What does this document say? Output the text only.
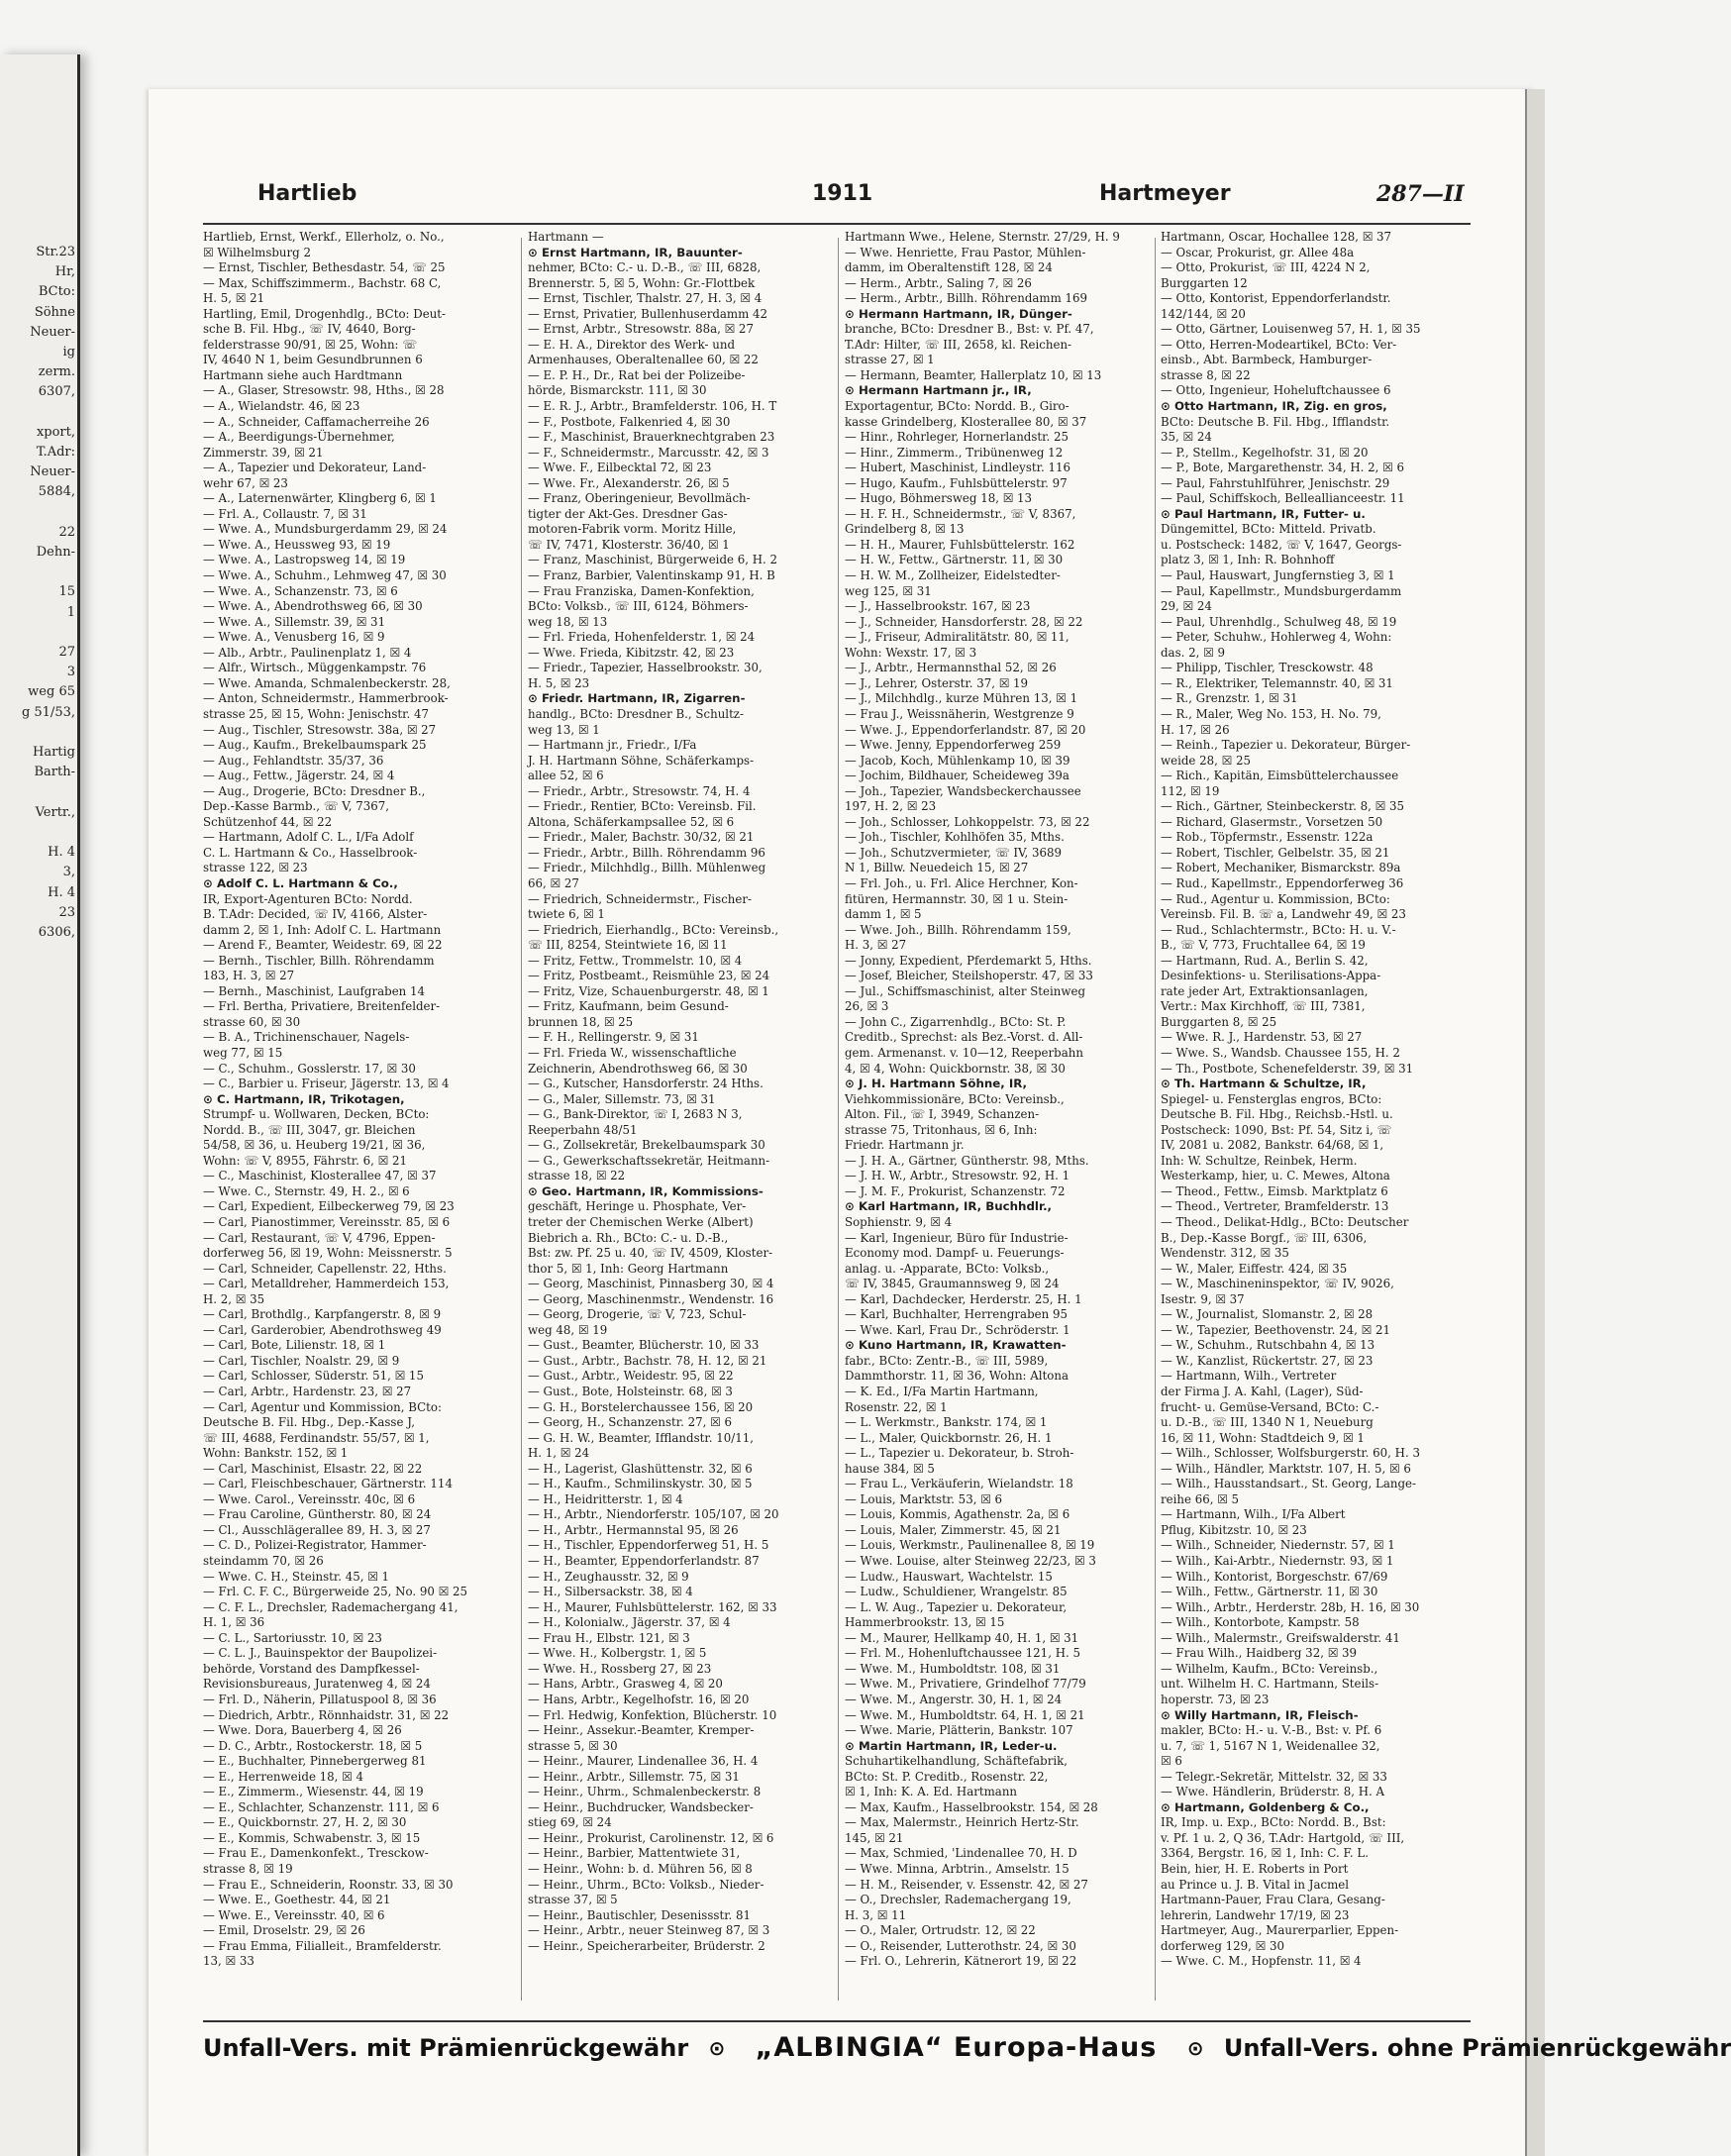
Str.23
Hr,
BCto:
Söhne
Neuer-
ig
zerm.
6307,

xport,
T.Adr:
Neuer-
5884,

22
Dehn-

15
1

27
3
weg 65
g 51/53,

Hartig
Barth-

Vertr.,

H. 4
3,
H. 4
23
6306,
Hartlieb	1911	Hartmeyer	287—II
Hartlieb, Ernst, Werkf., Ellerholz, o. No.,
☒ Wilhelmsburg 2
— Ernst, Tischler, Bethesdastr. 54, ☏ 25
— Max, Schiffszimmerm., Bachstr. 68 C,
H. 5, ☒ 21
Hartling, Emil, Drogenhdlg., BCto: Deut-
sche B. Fil. Hbg., ☏ IV, 4640, Borg-
felderstrasse 90/91, ☒ 25, Wohn: ☏
IV, 4640 N 1, beim Gesundbrunnen 6
Hartmann siehe auch Hardtmann
— A., Glaser, Stresowstr. 98, Hths., ☒ 28
— A., Wielandstr. 46, ☒ 23
— A., Schneider, Caffamacherreihe 26
— A., Beerdigungs-Übernehmer,
Zimmerstr. 39, ☒ 21
— A., Tapezier und Dekorateur, Land-
wehr 67, ☒ 23
— A., Laternenwärter, Klingberg 6, ☒ 1
— Frl. A., Collaustr. 7, ☒ 31
— Wwe. A., Mundsburgerdamm 29, ☒ 24
— Wwe. A., Heussweg 93, ☒ 19
— Wwe. A., Lastropsweg 14, ☒ 19
— Wwe. A., Schuhm., Lehmweg 47, ☒ 30
— Wwe. A., Schanzenstr. 73, ☒ 6
— Wwe. A., Abendrothsweg 66, ☒ 30
— Wwe. A., Sillemstr. 39, ☒ 31
— Wwe. A., Venusberg 16, ☒ 9
— Alb., Arbtr., Paulinenplatz 1, ☒ 4
— Alfr., Wirtsch., Müggenkampstr. 76
— Wwe. Amanda, Schmalenbeckerstr. 28,
— Anton, Schneidermstr., Hammerbrook-
strasse 25, ☒ 15, Wohn: Jenischstr. 47
— Aug., Tischler, Stresowstr. 38a, ☒ 27
— Aug., Kaufm., Brekelbaumspark 25
— Aug., Fehlandtstr. 35/37, 36
— Aug., Fettw., Jägerstr. 24, ☒ 4
— Aug., Drogerie, BCto: Dresdner B.,
Dep.-Kasse Barmb., ☏ V, 7367,
Schützenhof 44, ☒ 22
— Hartmann, Adolf C. L., I/Fa Adolf
C. L. Hartmann & Co., Hasselbrook-
strasse 122, ☒ 23
⊙ Adolf C. L. Hartmann & Co.,
IR, Export-Agenturen BCto: Nordd.
B. T.Adr: Decided, ☏ IV, 4166, Alster-
damm 2, ☒ 1, Inh: Adolf C. L. Hartmann
— Arend F., Beamter, Weidestr. 69, ☒ 22
— Bernh., Tischler, Billh. Röhrendamm
183, H. 3, ☒ 27
— Bernh., Maschinist, Laufgraben 14
— Frl. Bertha, Privatiere, Breitenfelder-
strasse 60, ☒ 30
— B. A., Trichinenschauer, Nagels-
weg 77, ☒ 15
— C., Schuhm., Gosslerstr. 17, ☒ 30
— C., Barbier u. Friseur, Jägerstr. 13, ☒ 4
⊙ C. Hartmann, IR, Trikotagen,
Strumpf- u. Wollwaren, Decken, BCto:
Nordd. B., ☏ III, 3047, gr. Bleichen
54/58, ☒ 36, u. Heuberg 19/21, ☒ 36,
Wohn: ☏ V, 8955, Fährstr. 6, ☒ 21
— C., Maschinist, Klosterallee 47, ☒ 37
— Wwe. C., Sternstr. 49, H. 2., ☒ 6
— Carl, Expedient, Eilbeckerweg 79, ☒ 23
— Carl, Pianostimmer, Vereinsstr. 85, ☒ 6
— Carl, Restaurant, ☏ V, 4796, Eppen-
dorferweg 56, ☒ 19, Wohn: Meissnerstr. 5
— Carl, Schneider, Capellenstr. 22, Hths.
— Carl, Metalldreher, Hammerdeich 153,
H. 2, ☒ 35
— Carl, Brothdlg., Karpfangerstr. 8, ☒ 9
— Carl, Garderobier, Abendrothsweg 49
— Carl, Bote, Lilienstr. 18, ☒ 1
— Carl, Tischler, Noalstr. 29, ☒ 9
— Carl, Schlosser, Süderstr. 51, ☒ 15
— Carl, Arbtr., Hardenstr. 23, ☒ 27
— Carl, Agentur und Kommission, BCto:
Deutsche B. Fil. Hbg., Dep.-Kasse J,
☏ III, 4688, Ferdinandstr. 55/57, ☒ 1,
Wohn: Bankstr. 152, ☒ 1
— Carl, Maschinist, Elsastr. 22, ☒ 22
— Carl, Fleischbeschauer, Gärtnerstr. 114
— Wwe. Carol., Vereinsstr. 40c, ☒ 6
— Frau Caroline, Güntherstr. 80, ☒ 24
— Cl., Ausschlägerallee 89, H. 3, ☒ 27
— C. D., Polizei-Registrator, Hammer-
steindamm 70, ☒ 26
— Wwe. C. H., Steinstr. 45, ☒ 1
— Frl. C. F. C., Bürgerweide 25, No. 90 ☒ 25
— C. F. L., Drechsler, Rademachergang 41,
H. 1, ☒ 36
— C. L., Sartoriusstr. 10, ☒ 23
— C. L. J., Bauinspektor der Baupolizei-
behörde, Vorstand des Dampfkessel-
Revisionsbureaus, Juratenweg 4, ☒ 24
— Frl. D., Näherin, Pillatuspool 8, ☒ 36
— Diedrich, Arbtr., Rönnhaidstr. 31, ☒ 22
— Wwe. Dora, Bauerberg 4, ☒ 26
— D. C., Arbtr., Rostockerstr. 18, ☒ 5
— E., Buchhalter, Pinnebergerweg 81
— E., Herrenweide 18, ☒ 4
— E., Zimmerm., Wiesenstr. 44, ☒ 19
— E., Schlachter, Schanzenstr. 111, ☒ 6
— E., Quickbornstr. 27, H. 2, ☒ 30
— E., Kommis, Schwabenstr. 3, ☒ 15
— Frau E., Damenkonfekt., Tresckow-
strasse 8, ☒ 19
— Frau E., Schneiderin, Roonstr. 33, ☒ 30
— Wwe. E., Goethestr. 44, ☒ 21
— Wwe. E., Vereinsstr. 40, ☒ 6
— Emil, Droselstr. 29, ☒ 26
— Frau Emma, Filialleit., Bramfelderstr.
13, ☒ 33
Hartmann —
⊙ Ernst Hartmann, IR, Bauunter-
nehmer, BCto: C.- u. D.-B., ☏ III, 6828,
Brennerstr. 5, ☒ 5, Wohn: Gr.-Flottbek
— Ernst, Tischler, Thalstr. 27, H. 3, ☒ 4
— Ernst, Privatier, Bullenhuserdamm 42
— Ernst, Arbtr., Stresowstr. 88a, ☒ 27
— E. H. A., Direktor des Werk- und
Armenhauses, Oberaltenallee 60, ☒ 22
— E. P. H., Dr., Rat bei der Polizeibe-
hörde, Bismarckstr. 111, ☒ 30
— E. R. J., Arbtr., Bramfelderstr. 106, H. T
— F., Postbote, Falkenried 4, ☒ 30
— F., Maschinist, Brauerknechtgraben 23
— F., Schneidermstr., Marcusstr. 42, ☒ 3
— Wwe. F., Eilbecktal 72, ☒ 23
— Wwe. Fr., Alexanderstr. 26, ☒ 5
— Franz, Oberingenieur, Bevollmäch-
tigter der Akt-Ges. Dresdner Gas-
motoren-Fabrik vorm. Moritz Hille,
☏ IV, 7471, Klosterstr. 36/40, ☒ 1
— Franz, Maschinist, Bürgerweide 6, H. 2
— Franz, Barbier, Valentinskamp 91, H. B
— Frau Franziska, Damen-Konfektion,
BCto: Volksb., ☏ III, 6124, Böhmers-
weg 18, ☒ 13
— Frl. Frieda, Hohenfelderstr. 1, ☒ 24
— Wwe. Frieda, Kibitzstr. 42, ☒ 23
— Friedr., Tapezier, Hasselbrookstr. 30,
H. 5, ☒ 23
⊙ Friedr. Hartmann, IR, Zigarren-
handlg., BCto: Dresdner B., Schultz-
weg 13, ☒ 1
— Hartmann jr., Friedr., I/Fa
J. H. Hartmann Söhne, Schäferkamps-
allee 52, ☒ 6
— Friedr., Arbtr., Stresowstr. 74, H. 4
— Friedr., Rentier, BCto: Vereinsb. Fil.
Altona, Schäferkampsallee 52, ☒ 6
— Friedr., Maler, Bachstr. 30/32, ☒ 21
— Friedr., Arbtr., Billh. Röhrendamm 96
— Friedr., Milchhdlg., Billh. Mühlenweg
66, ☒ 27
— Friedrich, Schneidermstr., Fischer-
twiete 6, ☒ 1
— Friedrich, Eierhandlg., BCto: Vereinsb.,
☏ III, 8254, Steintwiete 16, ☒ 11
— Fritz, Fettw., Trommelstr. 10, ☒ 4
— Fritz, Postbeamt., Reismühle 23, ☒ 24
— Fritz, Vize, Schauenburgerstr. 48, ☒ 1
— Fritz, Kaufmann, beim Gesund-
brunnen 18, ☒ 25
— F. H., Rellingerstr. 9, ☒ 31
— Frl. Frieda W., wissenschaftliche
Zeichnerin, Abendrothsweg 66, ☒ 30
— G., Kutscher, Hansdorferstr. 24 Hths.
— G., Maler, Sillemstr. 73, ☒ 31
— G., Bank-Direktor, ☏ I, 2683 N 3,
Reeperbahn 48/51
— G., Zollsekretär, Brekelbaumspark 30
— G., Gewerkschaftssekretär, Heitmann-
strasse 18, ☒ 22
⊙ Geo. Hartmann, IR, Kommissions-
geschäft, Heringe u. Phosphate, Ver-
treter der Chemischen Werke (Albert)
Biebrich a. Rh., BCto: C.- u. D.-B.,
Bst: zw. Pf. 25 u. 40, ☏ IV, 4509, Kloster-
thor 5, ☒ 1, Inh: Georg Hartmann
— Georg, Maschinist, Pinnasberg 30, ☒ 4
— Georg, Maschinenmstr., Wendenstr. 16
— Georg, Drogerie, ☏ V, 723, Schul-
weg 48, ☒ 19
— Gust., Beamter, Blücherstr. 10, ☒ 33
— Gust., Arbtr., Bachstr. 78, H. 12, ☒ 21
— Gust., Arbtr., Weidestr. 95, ☒ 22
— Gust., Bote, Holsteinstr. 68, ☒ 3
— G. H., Borstelerchaussee 156, ☒ 20
— Georg, H., Schanzenstr. 27, ☒ 6
— G. H. W., Beamter, Ifflandstr. 10/11,
H. 1, ☒ 24
— H., Lagerist, Glashüttenstr. 32, ☒ 6
— H., Kaufm., Schmilinskystr. 30, ☒ 5
— H., Heidritterstr. 1, ☒ 4
— H., Arbtr., Niendorferstr. 105/107, ☒ 20
— H., Arbtr., Hermannstal 95, ☒ 26
— H., Tischler, Eppendorferweg 51, H. 5
— H., Beamter, Eppendorferlandstr. 87
— H., Zeughausstr. 32, ☒ 9
— H., Silbersackstr. 38, ☒ 4
— H., Maurer, Fuhlsbüttelerstr. 162, ☒ 33
— H., Kolonialw., Jägerstr. 37, ☒ 4
— Frau H., Elbstr. 121, ☒ 3
— Wwe. H., Kolbergstr. 1, ☒ 5
— Wwe. H., Rossberg 27, ☒ 23
— Hans, Arbtr., Grasweg 4, ☒ 20
— Hans, Arbtr., Kegelhofstr. 16, ☒ 20
— Frl. Hedwig, Konfektion, Blücherstr. 10
— Heinr., Assekur.-Beamter, Kremper-
strasse 5, ☒ 30
— Heinr., Maurer, Lindenallee 36, H. 4
— Heinr., Arbtr., Sillemstr. 75, ☒ 31
— Heinr., Uhrm., Schmalenbeckerstr. 8
— Heinr., Buchdrucker, Wandsbecker-
stieg 69, ☒ 24
— Heinr., Prokurist, Carolinenstr. 12, ☒ 6
— Heinr., Barbier, Mattentwiete 31,
— Heinr., Wohn: b. d. Mühren 56, ☒ 8
— Heinr., Uhrm., BCto: Volksb., Nieder-
strasse 37, ☒ 5
— Heinr., Bautischler, Desenissstr. 81
— Heinr., Arbtr., neuer Steinweg 87, ☒ 3
— Heinr., Speicherarbeiter, Brüderstr. 2
Hartmann Wwe., Helene, Sternstr. 27/29, H. 9
— Wwe. Henriette, Frau Pastor, Mühlen-
damm, im Oberaltenstift 128, ☒ 24
— Herm., Arbtr., Saling 7, ☒ 26
— Herm., Arbtr., Billh. Röhrendamm 169
⊙ Hermann Hartmann, IR, Dünger-
branche, BCto: Dresdner B., Bst: v. Pf. 47,
T.Adr: Hilter, ☏ III, 2658, kl. Reichen-
strasse 27, ☒ 1
— Hermann, Beamter, Hallerplatz 10, ☒ 13
⊙ Hermann Hartmann jr., IR,
Exportagentur, BCto: Nordd. B., Giro-
kasse Grindelberg, Klosterallee 80, ☒ 37
— Hinr., Rohrleger, Hornerlandstr. 25
— Hinr., Zimmerm., Tribünenweg 12
— Hubert, Maschinist, Lindleystr. 116
— Hugo, Kaufm., Fuhlsbüttelerstr. 97
— Hugo, Böhmersweg 18, ☒ 13
— H. F. H., Schneidermstr., ☏ V, 8367,
Grindelberg 8, ☒ 13
— H. H., Maurer, Fuhlsbüttelerstr. 162
— H. W., Fettw., Gärtnerstr. 11, ☒ 30
— H. W. M., Zollheizer, Eidelstedter-
weg 125, ☒ 31
— J., Hasselbrookstr. 167, ☒ 23
— J., Schneider, Hansdorferstr. 28, ☒ 22
— J., Friseur, Admiralitätstr. 80, ☒ 11,
Wohn: Wexstr. 17, ☒ 3
— J., Arbtr., Hermannsthal 52, ☒ 26
— J., Lehrer, Osterstr. 37, ☒ 19
— J., Milchhdlg., kurze Mühren 13, ☒ 1
— Frau J., Weissnäherin, Westgrenze 9
— Wwe. J., Eppendorferlandstr. 87, ☒ 20
— Wwe. Jenny, Eppendorferweg 259
— Jacob, Koch, Mühlenkamp 10, ☒ 39
— Jochim, Bildhauer, Scheideweg 39a
— Joh., Tapezier, Wandsbeckerchaussee
197, H. 2, ☒ 23
— Joh., Schlosser, Lohkoppelstr. 73, ☒ 22
— Joh., Tischler, Kohlhöfen 35, Mths.
— Joh., Schutzvermieter, ☏ IV, 3689
N 1, Billw. Neuedeich 15, ☒ 27
— Frl. Joh., u. Frl. Alice Herchner, Kon-
fitüren, Hermannstr. 30, ☒ 1 u. Stein-
damm 1, ☒ 5
— Wwe. Joh., Billh. Röhrendamm 159,
H. 3, ☒ 27
— Jonny, Expedient, Pferdemarkt 5, Hths.
— Josef, Bleicher, Steilshoperstr. 47, ☒ 33
— Jul., Schiffsmaschinist, alter Steinweg
26, ☒ 3
— John C., Zigarrenhdlg., BCto: St. P.
Creditb., Sprechst: als Bez.-Vorst. d. All-
gem. Armenanst. v. 10—12, Reeperbahn
4, ☒ 4, Wohn: Quickbornstr. 38, ☒ 30
⊙ J. H. Hartmann Söhne, IR,
Viehkommissionäre, BCto: Vereinsb.,
Alton. Fil., ☏ I, 3949, Schanzen-
strasse 75, Tritonhaus, ☒ 6, Inh:
Friedr. Hartmann jr.
— J. H. A., Gärtner, Güntherstr. 98, Mths.
— J. H. W., Arbtr., Stresowstr. 92, H. 1
— J. M. F., Prokurist, Schanzenstr. 72
⊙ Karl Hartmann, IR, Buchhdlr.,
Sophienstr. 9, ☒ 4
— Karl, Ingenieur, Büro für Industrie-
Economy mod. Dampf- u. Feuerungs-
anlag. u. -Apparate, BCto: Volksb.,
☏ IV, 3845, Graumannsweg 9, ☒ 24
— Karl, Dachdecker, Herderstr. 25, H. 1
— Karl, Buchhalter, Herrengraben 95
— Wwe. Karl, Frau Dr., Schröderstr. 1
⊙ Kuno Hartmann, IR, Krawatten-
fabr., BCto: Zentr.-B., ☏ III, 5989,
Dammthorstr. 11, ☒ 36, Wohn: Altona
— K. Ed., I/Fa Martin Hartmann,
Rosenstr. 22, ☒ 1
— L. Werkmstr., Bankstr. 174, ☒ 1
— L., Maler, Quickbornstr. 26, H. 1
— L., Tapezier u. Dekorateur, b. Stroh-
hause 384, ☒ 5
— Frau L., Verkäuferin, Wielandstr. 18
— Louis, Marktstr. 53, ☒ 6
— Louis, Kommis, Agathenstr. 2a, ☒ 6
— Louis, Maler, Zimmerstr. 45, ☒ 21
— Louis, Werkmstr., Paulinenallee 8, ☒ 19
— Wwe. Louise, alter Steinweg 22/23, ☒ 3
— Ludw., Hauswart, Wachtelstr. 15
— Ludw., Schuldiener, Wrangelstr. 85
— L. W. Aug., Tapezier u. Dekorateur,
Hammerbrookstr. 13, ☒ 15
— M., Maurer, Hellkamp 40, H. 1, ☒ 31
— Frl. M., Hohenluftchaussee 121, H. 5
— Wwe. M., Humboldtstr. 108, ☒ 31
— Wwe. M., Privatiere, Grindelhof 77/79
— Wwe. M., Angerstr. 30, H. 1, ☒ 24
— Wwe. M., Humboldtstr. 64, H. 1, ☒ 21
— Wwe. Marie, Plätterin, Bankstr. 107
⊙ Martin Hartmann, IR, Leder-u.
Schuhartikelhandlung, Schäftefabrik,
BCto: St. P. Creditb., Rosenstr. 22,
☒ 1, Inh: K. A. Ed. Hartmann
— Max, Kaufm., Hasselbrookstr. 154, ☒ 28
— Max, Malermstr., Heinrich Hertz-Str.
145, ☒ 21
— Max, Schmied, 'Lindenallee 70, H. D
— Wwe. Minna, Arbtrin., Amselstr. 15
— H. M., Reisender, v. Essenstr. 42, ☒ 27
— O., Drechsler, Rademachergang 19,
H. 3, ☒ 11
— O., Maler, Ortrudstr. 12, ☒ 22
— O., Reisender, Lutterothstr. 24, ☒ 30
— Frl. O., Lehrerin, Kätnerort 19, ☒ 22
Hartmann, Oscar, Hochallee 128, ☒ 37
— Oscar, Prokurist, gr. Allee 48a
— Otto, Prokurist, ☏ III, 4224 N 2,
Burggarten 12
— Otto, Kontorist, Eppendorferlandstr.
142/144, ☒ 20
— Otto, Gärtner, Louisenweg 57, H. 1, ☒ 35
— Otto, Herren-Modeartikel, BCto: Ver-
einsb., Abt. Barmbeck, Hamburger-
strasse 8, ☒ 22
— Otto, Ingenieur, Hoheluftchaussee 6
⊙ Otto Hartmann, IR, Zig. en gros,
BCto: Deutsche B. Fil. Hbg., Ifflandstr.
35, ☒ 24
— P., Stellm., Kegelhofstr. 31, ☒ 20
— P., Bote, Margarethenstr. 34, H. 2, ☒ 6
— Paul, Fahrstuhlführer, Jenischstr. 29
— Paul, Schiffskoch, Belleallianceestr. 11
⊙ Paul Hartmann, IR, Futter- u.
Düngemittel, BCto: Mitteld. Privatb.
u. Postscheck: 1482, ☏ V, 1647, Georgs-
platz 3, ☒ 1, Inh: R. Bohnhoff
— Paul, Hauswart, Jungfernstieg 3, ☒ 1
— Paul, Kapellmstr., Mundsburgerdamm
29, ☒ 24
— Paul, Uhrenhdlg., Schulweg 48, ☒ 19
— Peter, Schuhw., Hohlerweg 4, Wohn:
das. 2, ☒ 9
— Philipp, Tischler, Tresckowstr. 48
— R., Elektriker, Telemannstr. 40, ☒ 31
— R., Grenzstr. 1, ☒ 31
— R., Maler, Weg No. 153, H. No. 79,
H. 17, ☒ 26
— Reinh., Tapezier u. Dekorateur, Bürger-
weide 28, ☒ 25
— Rich., Kapitän, Eimsbüttelerchaussee
112, ☒ 19
— Rich., Gärtner, Steinbeckerstr. 8, ☒ 35
— Richard, Glasermstr., Vorsetzen 50
— Rob., Töpfermstr., Essenstr. 122a
— Robert, Tischler, Gelbelstr. 35, ☒ 21
— Robert, Mechaniker, Bismarckstr. 89a
— Rud., Kapellmstr., Eppendorferweg 36
— Rud., Agentur u. Kommission, BCto:
Vereinsb. Fil. B. ☏ a, Landwehr 49, ☒ 23
— Rud., Schlachtermstr., BCto: H. u. V.-
B., ☏ V, 773, Fruchtallee 64, ☒ 19
— Hartmann, Rud. A., Berlin S. 42,
Desinfektions- u. Sterilisations-Appa-
rate jeder Art, Extraktionsanlagen,
Vertr.: Max Kirchhoff, ☏ III, 7381,
Burggarten 8, ☒ 25
— Wwe. R. J., Hardenstr. 53, ☒ 27
— Wwe. S., Wandsb. Chaussee 155, H. 2
— Th., Postbote, Schenefelderstr. 39, ☒ 31
⊙ Th. Hartmann & Schultze, IR,
Spiegel- u. Fensterglas engros, BCto:
Deutsche B. Fil. Hbg., Reichsb.-Hstl. u.
Postscheck: 1090, Bst: Pf. 54, Sitz i, ☏
IV, 2081 u. 2082, Bankstr. 64/68, ☒ 1,
Inh: W. Schultze, Reinbek, Herm.
Westerkamp, hier, u. C. Mewes, Altona
— Theod., Fettw., Eimsb. Marktplatz 6
— Theod., Vertreter, Bramfelderstr. 13
— Theod., Delikat-Hdlg., BCto: Deutscher
B., Dep.-Kasse Borgf., ☏ III, 6306,
Wendenstr. 312, ☒ 35
— W., Maler, Eiffestr. 424, ☒ 35
— W., Maschineninspektor, ☏ IV, 9026,
Isestr. 9, ☒ 37
— W., Journalist, Slomanstr. 2, ☒ 28
— W., Tapezier, Beethovenstr. 24, ☒ 21
— W., Schuhm., Rutschbahn 4, ☒ 13
— W., Kanzlist, Rückertstr. 27, ☒ 23
— Hartmann, Wilh., Vertreter
der Firma J. A. Kahl, (Lager), Süd-
frucht- u. Gemüse-Versand, BCto: C.-
u. D.-B., ☏ III, 1340 N 1, Neueburg
16, ☒ 11, Wohn: Stadtdeich 9, ☒ 1
— Wilh., Schlosser, Wolfsburgerstr. 60, H. 3
— Wilh., Händler, Marktstr. 107, H. 5, ☒ 6
— Wilh., Hausstandsart., St. Georg, Lange-
reihe 66, ☒ 5
— Hartmann, Wilh., I/Fa Albert
Pflug, Kibitzstr. 10, ☒ 23
— Wilh., Schneider, Niedernstr. 57, ☒ 1
— Wilh., Kai-Arbtr., Niedernstr. 93, ☒ 1
— Wilh., Kontorist, Borgeschstr. 67/69
— Wilh., Fettw., Gärtnerstr. 11, ☒ 30
— Wilh., Arbtr., Herderstr. 28b, H. 16, ☒ 30
— Wilh., Kontorbote, Kampstr. 58
— Wilh., Malermstr., Greifswalderstr. 41
— Frau Wilh., Haidberg 32, ☒ 39
— Wilhelm, Kaufm., BCto: Vereinsb.,
unt. Wilhelm H. C. Hartmann, Steils-
hoperstr. 73, ☒ 23
⊙ Willy Hartmann, IR, Fleisch-
makler, BCto: H.- u. V.-B., Bst: v. Pf. 6
u. 7, ☏ 1, 5167 N 1, Weidenallee 32,
☒ 6
— Telegr.-Sekretär, Mittelstr. 32, ☒ 33
— Wwe. Händlerin, Brüderstr. 8, H. A
⊙ Hartmann, Goldenberg & Co.,
IR, Imp. u. Exp., BCto: Nordd. B., Bst:
v. Pf. 1 u. 2, Q 36, T.Adr: Hartgold, ☏ III,
3364, Bergstr. 16, ☒ 1, Inh: C. F. L.
Bein, hier, H. E. Roberts in Port
au Prince u. J. B. Vital in Jacmel
Hartmann-Pauer, Frau Clara, Gesang-
lehrerin, Landwehr 17/19, ☒ 23
Hartmeyer, Aug., Maurerparlier, Eppen-
dorferweg 129, ☒ 30
— Wwe. C. M., Hopfenstr. 11, ☒ 4
Unfall-Vers. mit Prämienrückgewähr ⊙ „ALBINGIA“ Europa-Haus ⊙ Unfall-Vers. ohne Prämienrückgewähr
